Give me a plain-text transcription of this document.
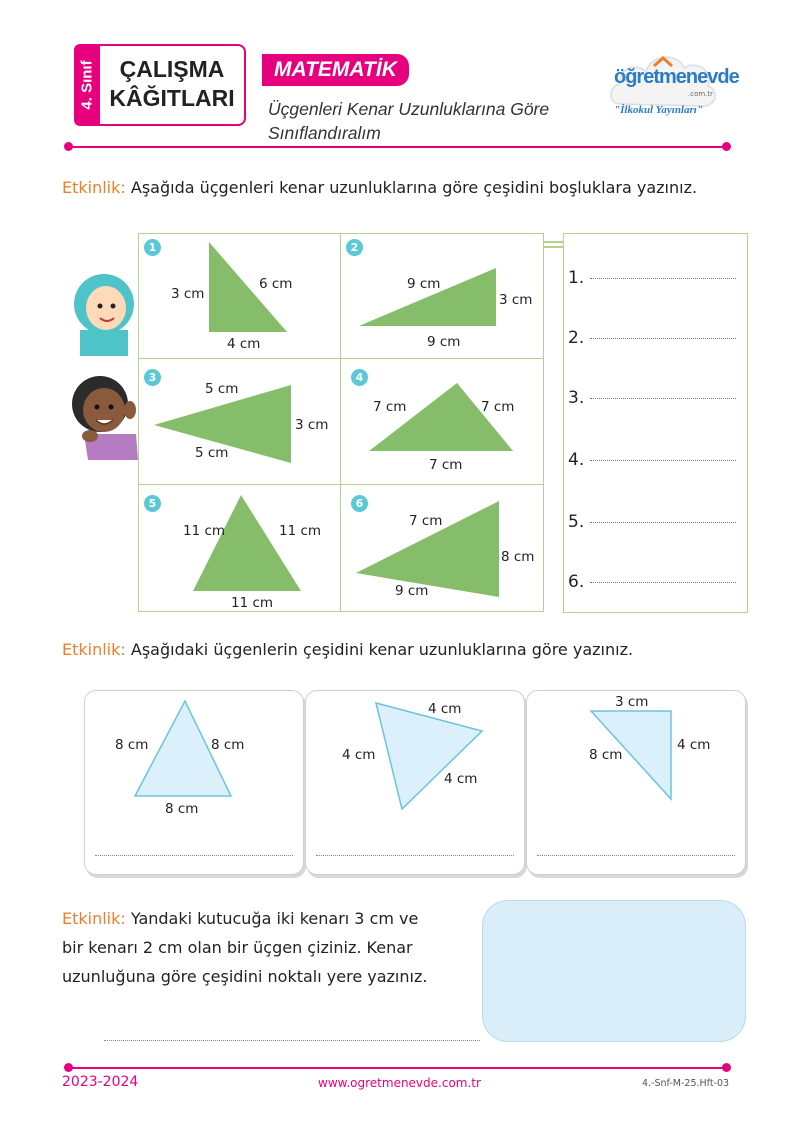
4. Sınıf	ÇALIŞMA
KÂĞITLARI
MATEMATİK
Üçgenleri Kenar Uzunluklarına Göre
Sınıflandıralım
öğretmenevde
.com.tr
"İlkokul Yayınları"
Etkinlik: Aşağıda üçgenleri kenar uzunluklarına göre çeşidini boşluklara yazınız.
1
3 cm
6 cm
4 cm
2
9 cm
3 cm
9 cm
3
5 cm
3 cm
5 cm
4
7 cm	7 cm
7 cm
5
11 cm	11 cm
11 cm
6
7 cm
8 cm
9 cm
1.
2.
3.
4.
5.
6.
Etkinlik: Aşağıdaki üçgenlerin çeşidini kenar uzunluklarına göre yazınız.
8 cm	8 cm
8 cm
4 cm
4 cm
4 cm
3 cm
8 cm
4 cm
Etkinlik: Yandaki kutucuğa iki kenarı 3 cm ve
bir kenarı 2 cm olan bir üçgen çiziniz. Kenar
uzunluğuna göre çeşidini noktalı yere yazınız.
2023-2024	www.ogretmenevde.com.tr	4.-Snf-M-25.Hft-03
